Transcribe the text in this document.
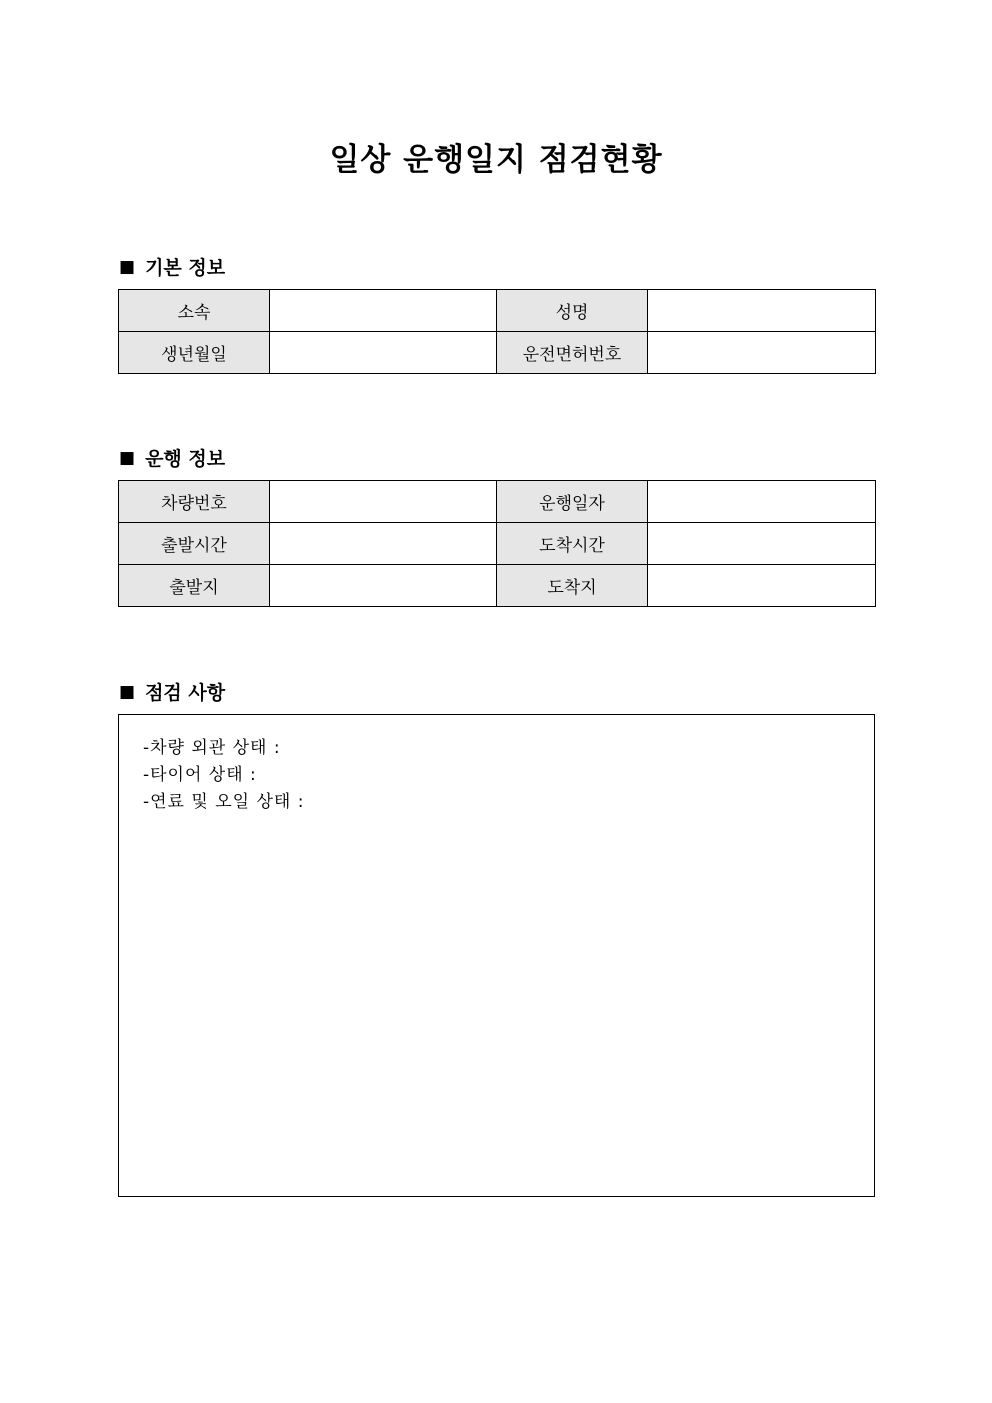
일상 운행일지 점검현황
■ 기본 정보
소속		성명	
생년월일		운전면허번호	
■ 운행 정보
차량번호		운행일자	
출발시간		도착시간	
출발지		도착지	
■ 점검 사항
-차량 외관 상태 :
-타이어 상태 :
-연료 및 오일 상태 :
